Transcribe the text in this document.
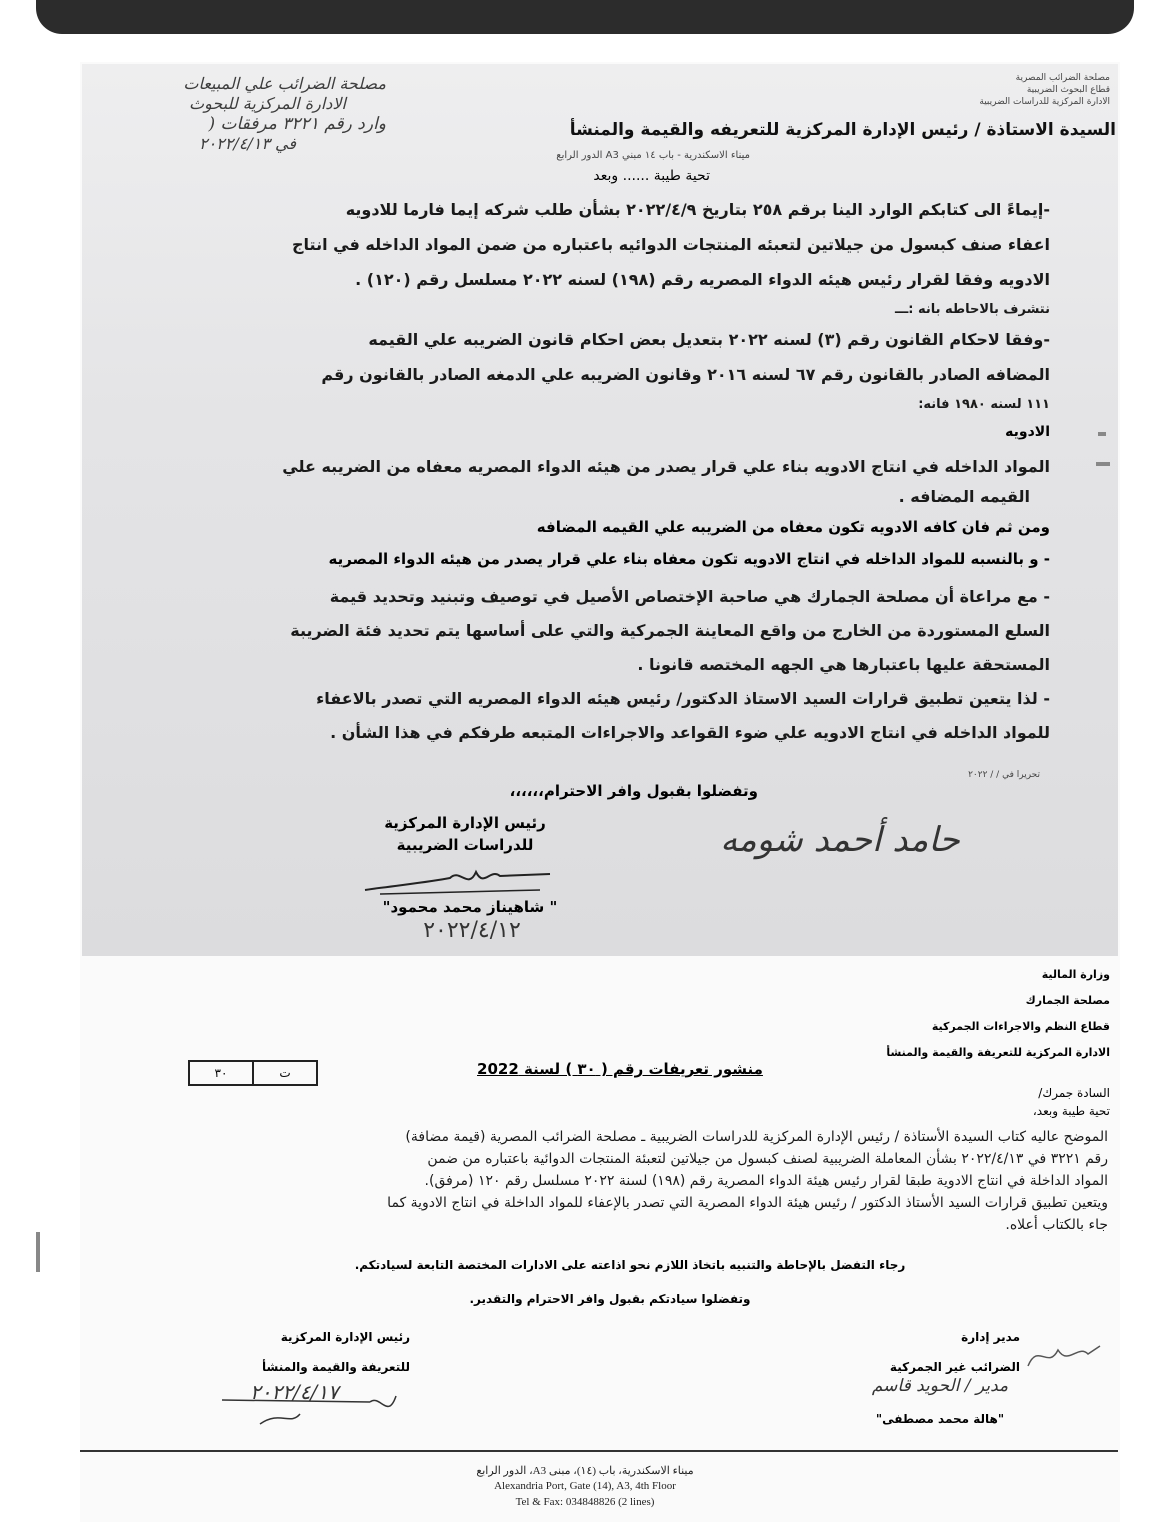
مصلحة الضرائب علي المبيعات
الادارة المركزية للبحوث
وارد رقم ٣٢٢١ مرفقات (
في ٢٠٢٢/٤/١٣
مصلحة الضرائب المصرية
قطاع البحوث الضريبية
الادارة المركزية للدراسات الضريبية
السيدة الاستاذة / رئيس الإدارة المركزية للتعريفه والقيمة والمنشأ
ميناء الاسكندرية - باب ١٤ مبني A3 الدور الرابع
تحية طيبة ...... وبعد
-إيماءً الى كتابكم الوارد الينا برقم ٢٥٨ بتاريخ ٢٠٢٢/٤/٩ بشأن طلب شركه إيما فارما للادويه
اعفاء صنف كبسول من جيلاتين لتعبئه المنتجات الدوائيه باعتباره من ضمن المواد الداخله في انتاج
الادويه وفقا لقرار رئيس هيئه الدواء المصريه رقم (١٩٨) لسنه ٢٠٢٢ مسلسل رقم (١٢٠) .
نتشرف بالاحاطه بانه :ـــ
-وفقا لاحكام القانون رقم (٣) لسنه ٢٠٢٢ بتعديل بعض احكام قانون الضريبه علي القيمه
المضافه الصادر بالقانون رقم ٦٧ لسنه ٢٠١٦ وقانون الضريبه علي الدمغه الصادر بالقانون رقم
١١١ لسنه ١٩٨٠ فانه:
الادويه
المواد الداخله في انتاج الادويه بناء علي قرار يصدر من هيئه الدواء المصريه معفاه من الضريبه علي
القيمه المضافه .
ومن ثم فان كافه الادويه تكون معفاه من الضريبه علي القيمه المضافه
- و بالنسبه للمواد الداخله في انتاج الادويه تكون معفاه بناء علي قرار يصدر من هيئه الدواء المصريه
- مع مراعاة أن مصلحة الجمارك هي صاحبة الإختصاص الأصيل في توصيف وتبنيد وتحديد قيمة
السلع المستوردة من الخارج من واقع المعاينة الجمركية والتي على أساسها يتم تحديد فئة الضريبة
المستحقة عليها باعتبارها هي الجهه المختصه قانونا .
- لذا يتعين تطبيق قرارات السيد الاستاذ الدكتور/ رئيس هيئه الدواء المصريه التي تصدر بالاعفاء
للمواد الداخله في انتاج الادويه علي ضوء القواعد والاجراءات المتبعه طرفكم في هذا الشأن .
تحريرا في / / ٢٠٢٢
وتفضلوا بقبول وافر الاحترام،،،،،،
رئيس الإدارة المركزية
للدراسات الضريبية
" شاهيناز محمد محمود"
٢٠٢٢/٤/١٢
حامد أحمد شومه
وزارة المالية
مصلحة الجمارك
قطاع النظم والاجراءات الجمركية
الادارة المركزية للتعريفة والقيمة والمنشأ
٣٠	ت	منشور تعريفات رقم ( ٣٠ ) لسنة 2022
السادة جمرك/
تحية طيبة وبعد،
الموضح عاليه كتاب السيدة الأستاذة / رئيس الإدارة المركزية للدراسات الضريبية ـ مصلحة الضرائب المصرية (قيمة مضافة)
رقم ٣٢٢١ في ٢٠٢٢/٤/١٣ بشأن المعاملة الضريبية لصنف كبسول من جيلاتين لتعبئة المنتجات الدوائية باعتباره من ضمن
المواد الداخلة في انتاج الادوية طبقا لقرار رئيس هيئة الدواء المصرية رقم (١٩٨) لسنة ٢٠٢٢ مسلسل رقم ١٢٠ (مرفق).
ويتعين تطبيق قرارات السيد الأستاذ الدكتور / رئيس هيئة الدواء المصرية التي تصدر بالإعفاء للمواد الداخلة في انتاج الادوية كما
جاء بالكتاب أعلاه.
رجاء التفضل بالإحاطة والتنبيه باتخاذ اللازم نحو اذاعته على الادارات المختصة التابعة لسيادتكم.
وتفضلوا سيادتكم بقبول وافر الاحترام والتقدير.
رئيس الإدارة المركزية
للتعريفة والقيمة والمنشأ
٢٠٢٢/٤/١٧
مدير إدارة
الضرائب غير الجمركية
مدير / الحويد قاسم
"هالة محمد مصطفى"
ميناء الاسكندرية، باب (١٤)، مبنى A3، الدور الرابع
Alexandria Port, Gate (14), A3, 4th Floor
Tel & Fax: 034848826 (2 lines)
